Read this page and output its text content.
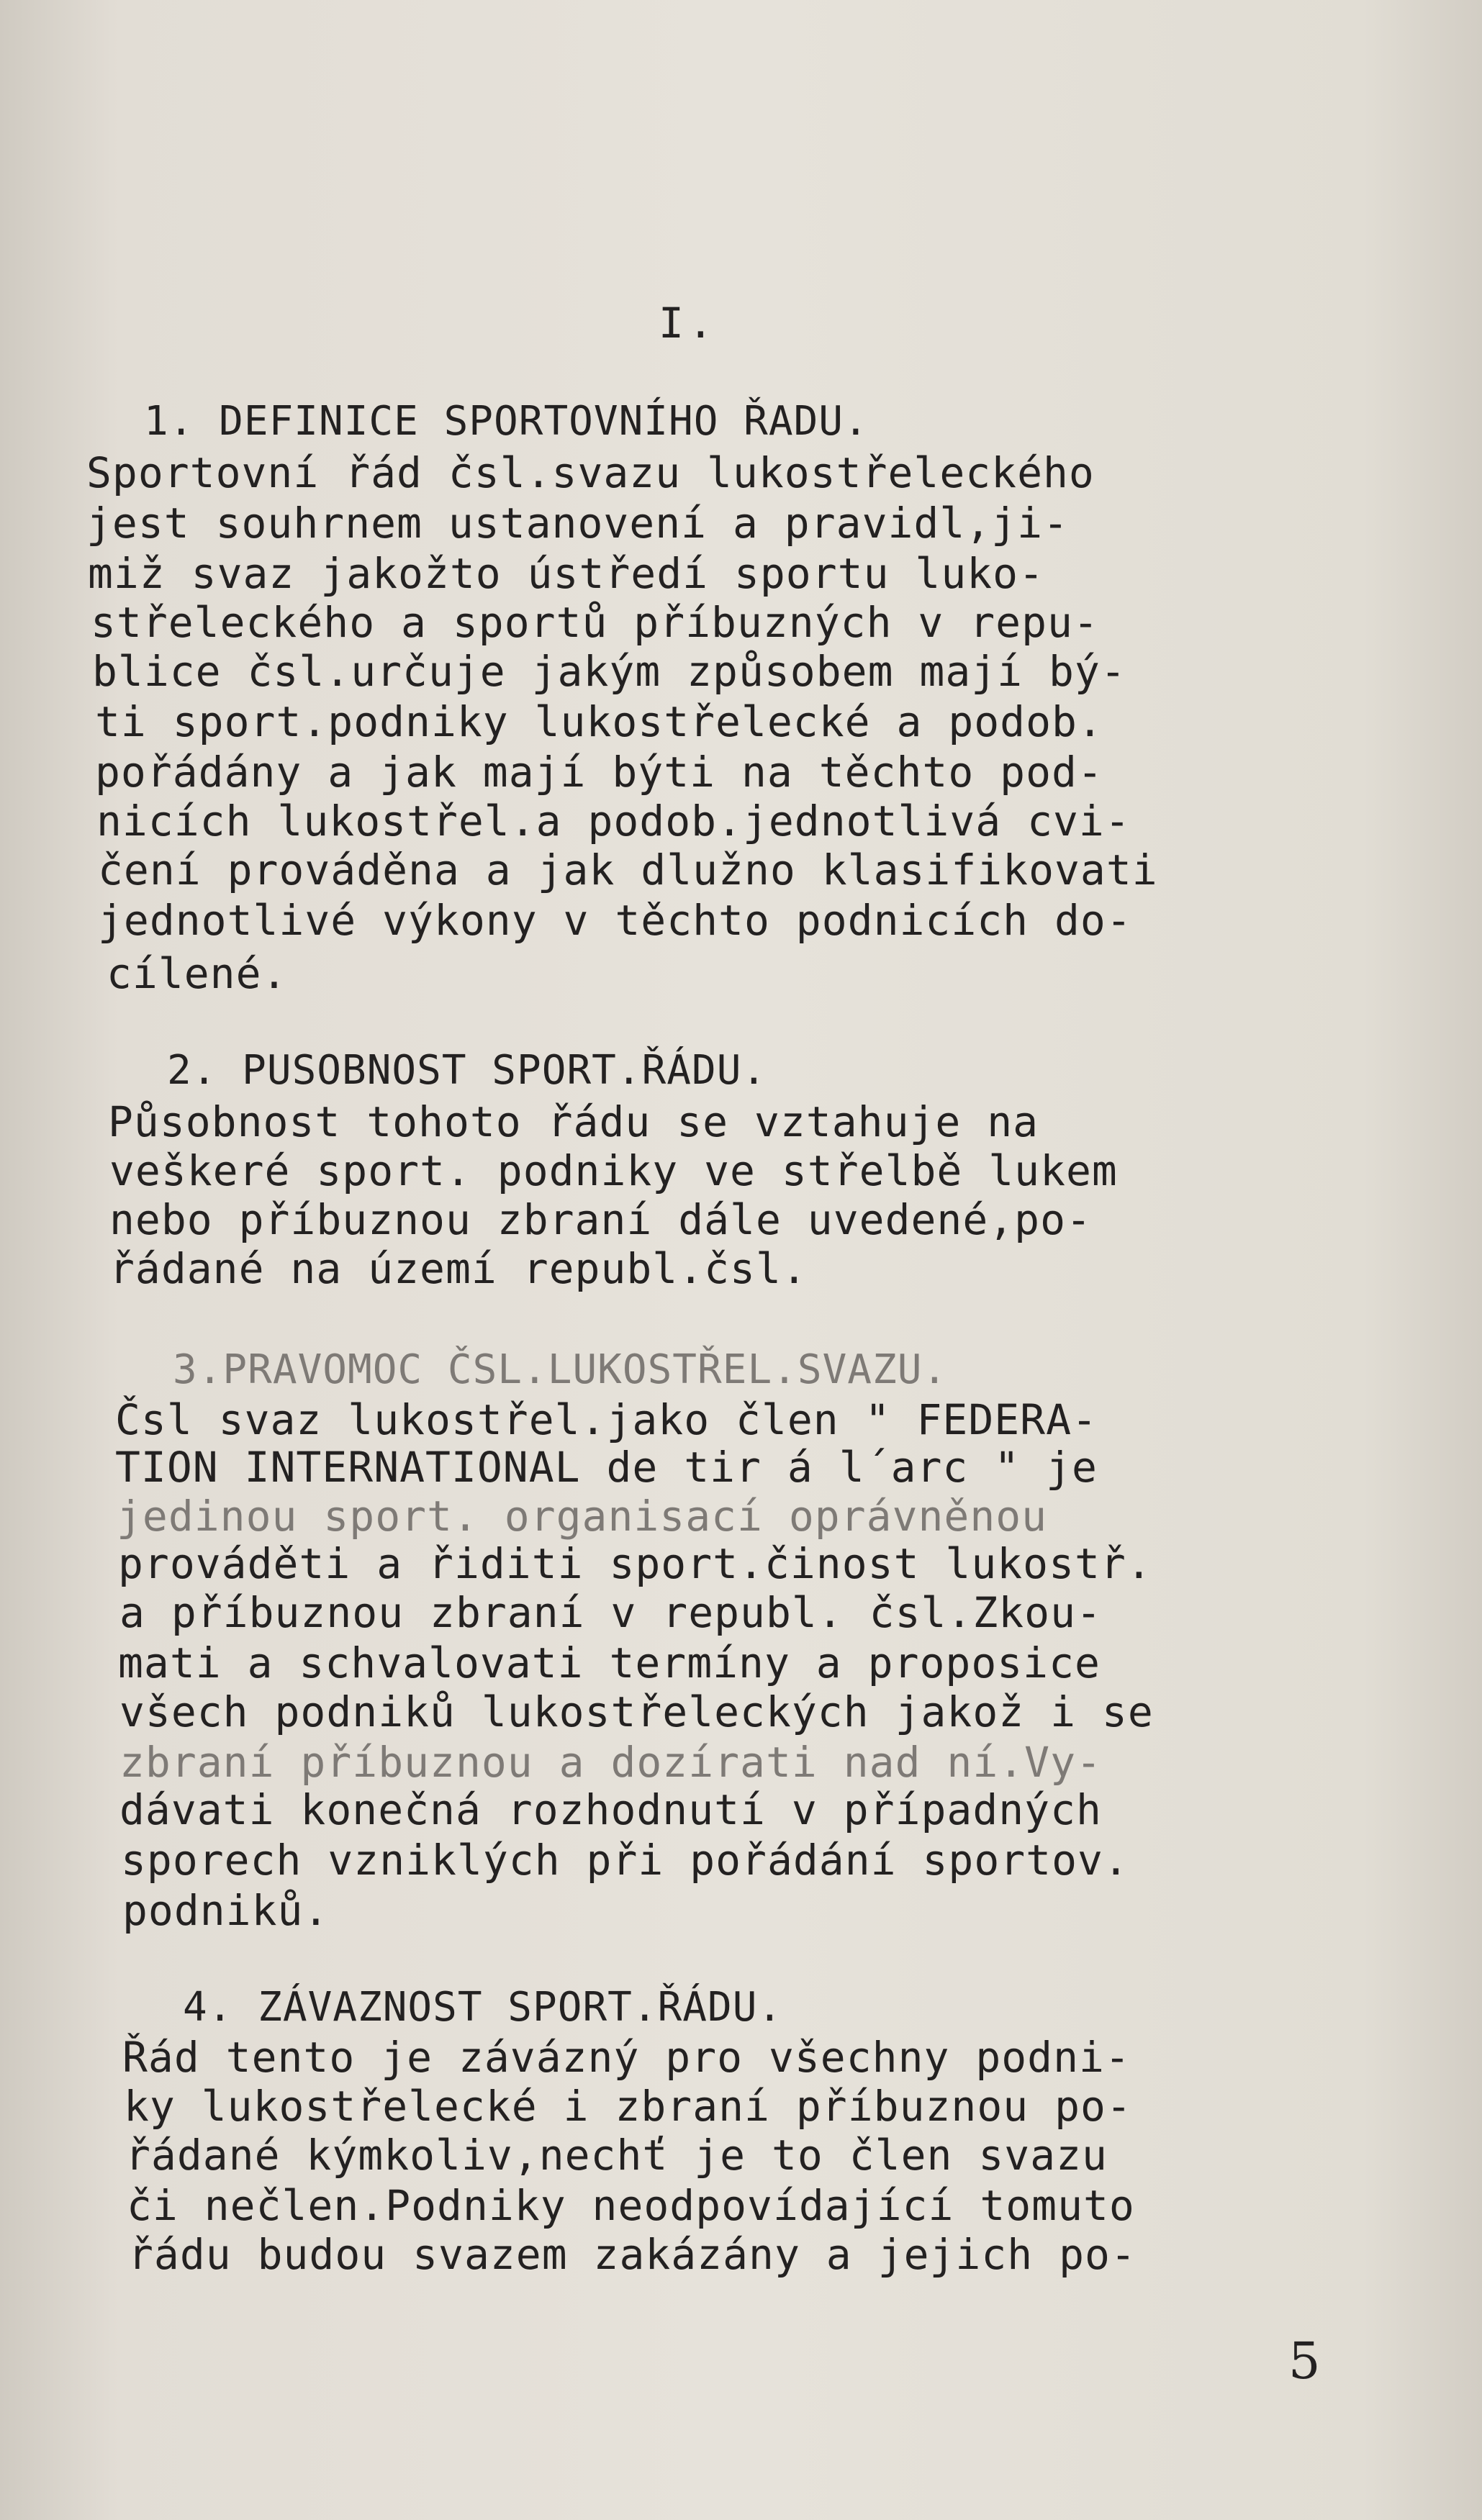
I.
1. DEFINICE SPORTOVNÍHO ŘADU.
Sportovní řád čsl.svazu lukostřeleckého
jest souhrnem ustanovení a pravidl,ji-
miž svaz jakožto ústředí sportu luko-
střeleckého a sportů příbuzných v repu-
blice čsl.určuje jakým způsobem mají bý-
ti sport.podniky lukostřelecké a podob.
pořádány a jak mají býti na těchto pod-
nicích lukostřel.a podob.jednotlivá cvi-
čení prováděna a jak dlužno klasifikovati
jednotlivé výkony v těchto podnicích do-
cílené.
2. PUSOBNOST SPORT.ŘÁDU.
Působnost tohoto řádu se vztahuje na
veškeré sport. podniky ve střelbě lukem
nebo příbuznou zbraní dále uvedené,po-
řádané na území republ.čsl.
3.PRAVOMOC ČSL.LUKOSTŘEL.SVAZU.
Čsl svaz lukostřel.jako člen " FEDERA-
TION INTERNATIONAL de tir á l´arc " je
jedinou sport. organisací oprávněnou
prováděti a řiditi sport.činost lukostř.
a příbuznou zbraní v republ. čsl.Zkou-
mati a schvalovati termíny a proposice
všech podniků lukostřeleckých jakož i se
zbraní příbuznou a dozírati nad ní.Vy-
dávati konečná rozhodnutí v případných
sporech vzniklých při pořádání sportov.
podniků.
4. ZÁVAZNOST SPORT.ŘÁDU.
Řád tento je závázný pro všechny podni-
ky lukostřelecké i zbraní příbuznou po-
řádané kýmkoliv,nechť je to člen svazu
či nečlen.Podniky neodpovídající tomuto
řádu budou svazem zakázány a jejich po-
5
